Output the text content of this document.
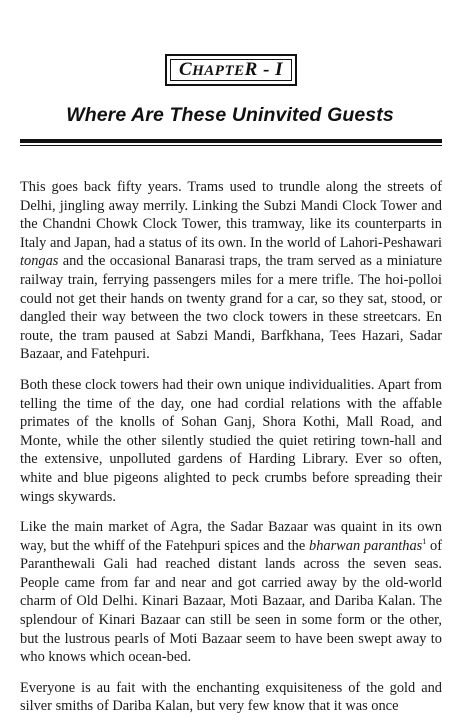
CHAPTER - I
Where Are These Uninvited Guests

This goes back fifty years. Trams used to trundle along the streets of Delhi, jingling away merrily. Linking the Subzi Mandi Clock Tower and the Chandni Chowk Clock Tower, this tramway, like its counterparts in Italy and Japan, had a status of its own. In the world of Lahori-Peshawari tongas and the occasional Banarasi traps, the tram served as a miniature railway train, ferrying passengers miles for a mere trifle. The hoi-polloi could not get their hands on twenty grand for a car, so they sat, stood, or dangled their way between the two clock towers in these streetcars. En route, the tram paused at Sabzi Mandi, Barfkhana, Tees Hazari, Sadar Bazaar, and Fatehpuri.

Both these clock towers had their own unique individualities. Apart from telling the time of the day, one had cordial relations with the affable primates of the knolls of Sohan Ganj, Shora Kothi, Mall Road, and Monte, while the other silently studied the quiet retiring town-hall and the extensive, unpolluted gardens of Harding Library. Ever so often, white and blue pigeons alighted to peck crumbs before spreading their wings skywards.

Like the main market of Agra, the Sadar Bazaar was quaint in its own way, but the whiff of the Fatehpuri spices and the bharwan paranthas$^1$ of Paranthewali Gali had reached distant lands across the seven seas. People came from far and near and got carried away by the old-world charm of Old Delhi. Kinari Bazaar, Moti Bazaar, and Dariba Kalan. The splendour of Kinari Bazaar can still be seen in some form or the other, but the lustrous pearls of Moti Bazaar seem to have been swept away to who knows which ocean-bed.

Everyone is au fait with the enchanting exquisiteness of the gold and silver smiths of Dariba Kalan, but very few know that it was once
